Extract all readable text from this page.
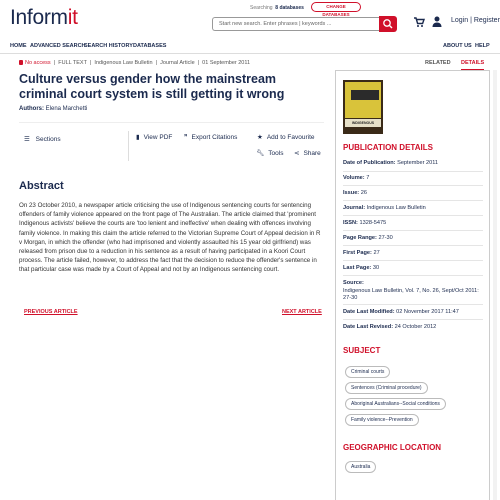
Informit	Searching 8 databases	CHANGE DATABASES
Start new search. Enter phrases | keywords ...	Login | Register
HOME ADVANCED SEARCH
SEARCH HISTORY DATABASES	ABOUT US HELP
No access  |  FULL TEXT  |  Indigenous Law Bulletin  |  Journal Article  |  01 September 2011
Culture versus gender how the mainstream criminal court system is still getting it wrong
Authors: Elena Marchetti
☰ Sections	▮ View PDF ❞ Export Citations	★ Add to Favourite
🔧︎ Tools ⋖ Share
Abstract
On 23 October 2010, a newspaper article criticising the use of Indigenous sentencing courts for sentencing offenders of family violence appeared on the front page of The Australian. The article claimed that 'prominent Indigenous activists' believe the courts are 'too lenient and ineffective' when dealing with offences involving family violence. In making this claim the article referred to the Victorian Supreme Court of Appeal decision in R v Morgan, in which the offender (who had imprisoned and violently assaulted his 15 year old girlfriend) was released from prison due to a reduction in his sentence as a result of having participated in a Koori Court process. The article failed, however, to address the fact that the decision to reduce the offender's sentence in that particular case was made by a Court of Appeal and not by an Indigenous sentencing court.
PREVIOUS ARTICLE	NEXT ARTICLE
RELATED DETAILS
INDIGENOUS
PUBLICATION DETAILS
Date of Publication: September 2011
Volume: 7
Issue: 26
Journal: Indigenous Law Bulletin
ISSN: 1328-5475
Page Range: 27-30
First Page: 27
Last Page: 30
Source:
Indigenous Law Bulletin, Vol. 7, No. 26, Sept/Oct 2011: 27-30
Date Last Modified: 02 November 2017 11:47
Date Last Revised: 24 October 2012
SUBJECT
Criminal courts
Sentences (Criminal procedure)
Aboriginal Australians--Social conditions
Family violence--Prevention
GEOGRAPHIC LOCATION
Australia
